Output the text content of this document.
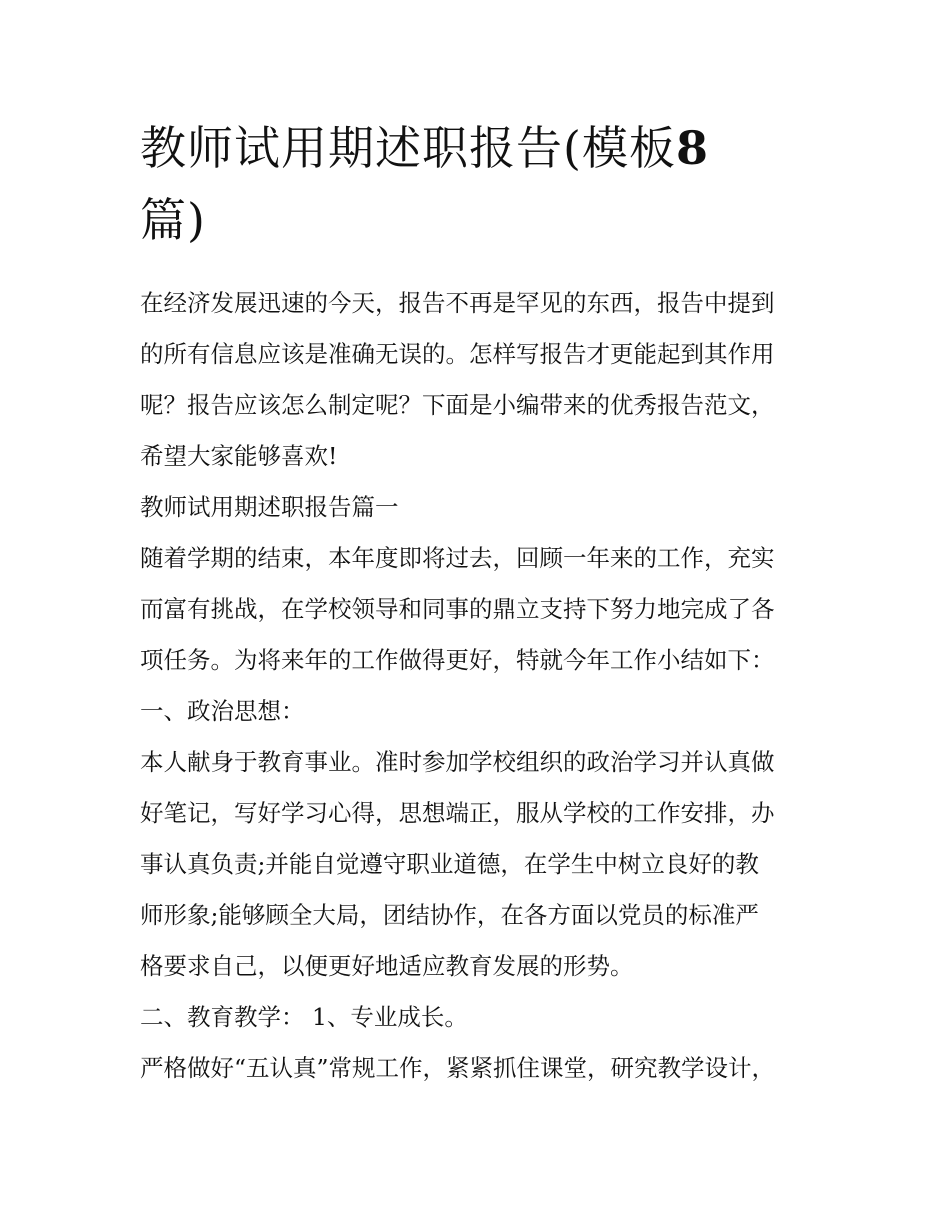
教师试用期述职报告(模板8
篇)

在经济发展迅速的今天，报告不再是罕见的东西，报告中提到

的所有信息应该是准确无误的。怎样写报告才更能起到其作用

呢？报告应该怎么制定呢？下面是小编带来的优秀报告范文，

希望大家能够喜欢!

教师试用期述职报告篇一

随着学期的结束，本年度即将过去，回顾一年来的工作，充实

而富有挑战，在学校领导和同事的鼎立支持下努力地完成了各

项任务。为将来年的工作做得更好，特就今年工作小结如下：

一、政治思想：

本人献身于教育事业。准时参加学校组织的政治学习并认真做

好笔记，写好学习心得，思想端正，服从学校的工作安排，办

事认真负责;并能自觉遵守职业道德，在学生中树立良好的教

师形象;能够顾全大局，团结协作，在各方面以党员的标准严

格要求自己，以便更好地适应教育发展的形势。

二、教育教学： 1、专业成长。

严格做好“五认真”常规工作，紧紧抓住课堂，研究教学设计，
